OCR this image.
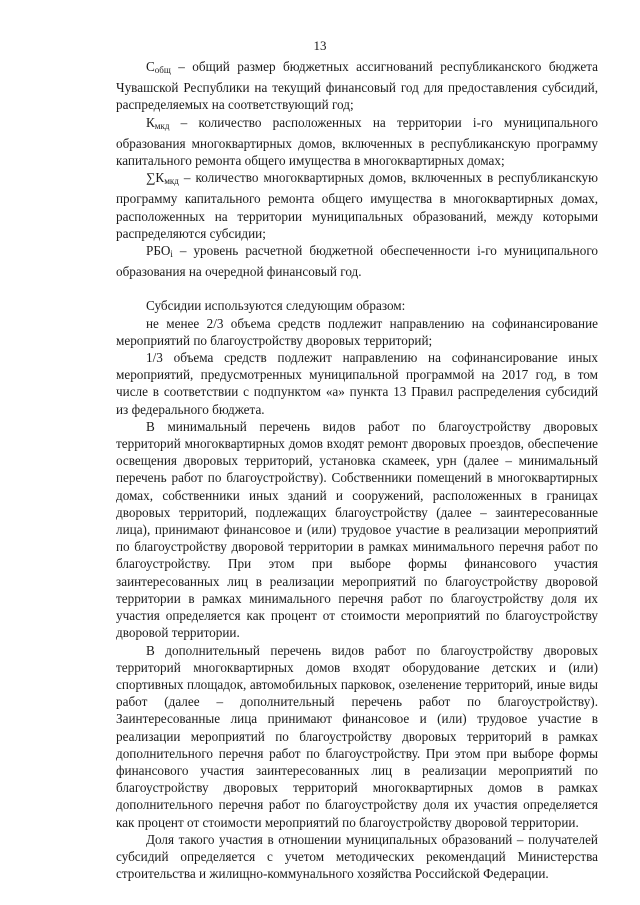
13

$С_{общ}$ – общий размер бюджетных ассигнований республиканского бюджета Чувашской Республики на текущий финансовый год для предоставления субсидий, распределяемых на соответствующий год;

$К_{мкд}$ – количество расположенных на территории i-го муниципального образования многоквартирных домов, включенных в республиканскую программу капитального ремонта общего имущества в многоквартирных домах;

$\sum К_{мкд}$ – количество многоквартирных домов, включенных в республиканскую программу капитального ремонта общего имущества в многоквартирных домах, расположенных на территории муниципальных образований, между которыми распределяются субсидии;

$РБО_i$ – уровень расчетной бюджетной обеспеченности i-го муниципального образования на очередной финансовый год.

Субсидии используются следующим образом:

не менее 2/3 объема средств подлежит направлению на софинансирование мероприятий по благоустройству дворовых территорий;

1/3 объема средств подлежит направлению на софинансирование иных мероприятий, предусмотренных муниципальной программой на 2017 год, в том числе в соответствии с подпунктом «а» пункта 13 Правил распределения субсидий из федерального бюджета.

В минимальный перечень видов работ по благоустройству дворовых территорий многоквартирных домов входят ремонт дворовых проездов, обеспечение освещения дворовых территорий, установка скамеек, урн (далее – минимальный перечень работ по благоустройству). Собственники помещений в многоквартирных домах, собственники иных зданий и сооружений, расположенных в границах дворовых территорий, подлежащих благоустройству (далее – заинтересованные лица), принимают финансовое и (или) трудовое участие в реализации мероприятий по благоустройству дворовой территории в рамках минимального перечня работ по благоустройству. При этом при выборе формы финансового участия заинтересованных лиц в реализации мероприятий по благоустройству дворовой территории в рамках минимального перечня работ по благоустройству доля их участия определяется как процент от стоимости мероприятий по благоустройству дворовой территории.

В дополнительный перечень видов работ по благоустройству дворовых территорий многоквартирных домов входят оборудование детских и (или) спортивных площадок, автомобильных парковок, озеленение территорий, иные виды работ (далее – дополнительный перечень работ по благоустройству). Заинтересованные лица принимают финансовое и (или) трудовое участие в реализации мероприятий по благоустройству дворовых территорий в рамках дополнительного перечня работ по благоустройству. При этом при выборе формы финансового участия заинтересованных лиц в реализации мероприятий по благоустройству дворовых территорий многоквартирных домов в рамках дополнительного перечня работ по благоустройству доля их участия определяется как процент от стоимости мероприятий по благоустройству дворовой территории.

Доля такого участия в отношении муниципальных образований – получателей субсидий определяется с учетом методических рекомендаций Министерства строительства и жилищно-коммунального хозяйства Российской Федерации.
